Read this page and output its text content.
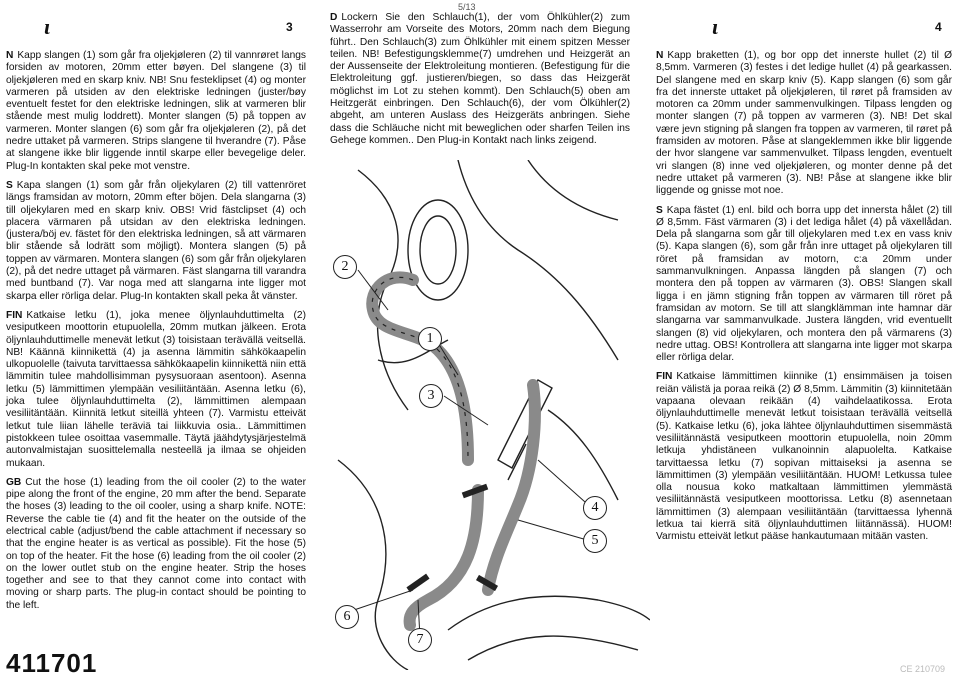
5/13
ι	3	ι	4

N Kapp slangen (1) som går fra oljekjøleren (2) til vannrøret langs forsiden av motoren, 20mm etter bøyen. Del slangene (3) til oljekjøleren med en skarp kniv. NB! Snu festeklipset (4) og monter varmeren på utsiden av den elektriske ledningen (juster/bøy eventuelt festet for den elektriske ledningen, slik at varmeren blir stående mest mulig loddrett). Monter slangen (5) på toppen av varmeren. Monter slangen (6) som går fra oljekjøleren (2), på det nedre uttaket på varmeren. Strips slangene til hverandre (7). Påse at slangene ikke blir liggende inntil skarpe eller bevegelige deler. Plug-In kontakten skal peke mot venstre.

S Kapa slangen (1) som går från oljekylaren (2) till vattenröret längs framsidan av motorn, 20mm efter böjen. Dela slangarna (3) till oljekylaren med en skarp kniv. OBS! Vrid fästclipset (4) och placera värmaren på utsidan av den elektriska ledningen. (justera/böj ev. fästet för den elektriska ledningen, så att värmaren blir stående så lodrätt som möjligt). Montera slangen (5) på toppen av värmaren. Montera slangen (6) som går från oljekylaren (2), på det nedre uttaget på värmaren. Fäst slangarna till varandra med buntband (7). Var noga med att slangarna inte ligger mot skarpa eller rörliga delar. Plug-In kontakten skall peka åt vänster.

FIN Katkaise letku (1), joka menee öljynlauhduttimelta (2) vesiputkeen moottorin etupuolella, 20mm mutkan jälkeen. Erota öljynlauhduttimelle menevät letkut (3) toisistaan terävällä veitsellä. NB! Käännä kiinnikettä (4) ja asenna lämmitin sähkökaapelin ulkopuolelle (taivuta tarvittaessa sähkökaapelin kiinnikettä niin että lämmitin tulee mahdollisimman pysysuoraan asentoon). Asenna letku (5) lämmittimen ylempään vesiliitäntään. Asenna letku (6), joka tulee öljynlauhduttimelta (2), lämmittimen alempaan vesiliitäntään. Kiinnitä letkut siteillä yhteen (7). Varmistu etteivät letkut tule liian lähelle teräviä tai liikkuvia osia.. Lämmittimen pistokkeen tulee osoittaa vasemmalle. Täytä jäähdytysjärjestelmä autonvalmistajan suosittelemalla nesteellä ja ilmaa se ohjeiden mukaan.

GB Cut the hose (1) leading from the oil cooler (2) to the water pipe along the front of the engine, 20 mm after the bend. Separate the hoses (3) leading to the oil cooler, using a sharp knife. NOTE: Reverse the cable tie (4) and fit the heater on the outside of the electrical cable (adjust/bend the cable attachment if necessary so that the engine heater is as vertical as possible). Fit the hose (5) on top of the heater. Fit the hose (6) leading from the oil cooler (2) on the lower outlet stub on the engine heater. Strip the hoses together and see to that they cannot come into contact with moving or sharp parts. The plug-in contact should be pointing to the left.

D Lockern Sie den Schlauch(1), der vom Öhlkühler(2) zum Wasserrohr am Vorseite des Motors, 20mm nach dem Biegung führt.. Den Schlauch(3) zum Öhlkühler mit einem spitzen Messer teilen. NB! Befestigungsklemme(7) umdrehen und Heizgerät an der Aussenseite der Elektroleitung montieren. (Befestigung für die Elektroleitung ggf. justieren/biegen, so dass das Heizgerät möglichst im Lot zu stehen kommt). Den Schlauch(5) oben am Heitzgerät einbringen. Den Schlauch(6), der vom Ölkühler(2) abgeht, am unteren Auslass des Heizgeräts anbringen. Siehe dass die Schläuche nicht mit beweglichen oder sharfen Teilen ins Gehege kommen.. Den Plug-in Kontakt nach links zeigend.

2
1
3
4
5
6
7

N Kapp braketten (1), og bor opp det innerste hullet (2) til Ø 8,5mm. Varmeren (3) festes i det ledige hullet (4) på gearkassen. Del slangene med en skarp kniv (5). Kapp slangen (6) som går fra det innerste uttaket på oljekjøleren, til røret på framsiden av motoren ca 20mm under sammenvulkingen. Tilpass lengden og monter slangen (7) på toppen av varmeren (3). NB! Det skal være jevn stigning på slangen fra toppen av varmeren, til røret på framsiden av motoren. Påse at slangeklemmen ikke blir liggende der hvor slangene var sammenvulket. Tilpass lengden, eventuelt vri slangen (8) inne ved oljekjøleren, og monter denne på det nedre uttaket på varmeren (3). NB! Påse at slangene ikke blir liggende og gnisse mot noe.

S Kapa fästet (1) enl. bild och borra upp det innersta hålet (2) till Ø 8,5mm. Fäst värmaren (3) i det lediga hålet (4) på växellådan. Dela på slangarna som går till oljekylaren med t.ex en vass kniv (5). Kapa slangen (6), som går från inre uttaget på oljekylaren till röret på framsidan av motorn, c:a 20mm under sammanvulkningen. Anpassa längden på slangen (7) och montera den på toppen av värmaren (3). OBS! Slangen skall ligga i en jämn stigning från toppen av värmaren till röret på framsidan av motorn. Se till att slangklämman inte hamnar där slangarna var sammanvulkade. Justera längden, vrid eventuellt slangen (8) vid oljekylaren, och montera den på värmarens (3) nedre uttag. OBS! Kontrollera att slangarna inte ligger mot skarpa eller rörliga delar.

FIN Katkaise lämmittimen kiinnike (1) ensimmäisen ja toisen reiän välistä ja poraa reikä (2) Ø 8,5mm. Lämmitin (3) kiinnitetään vapaana olevaan reikään (4) vaihdelaatikossa. Erota öljynlauhduttimelle menevät letkut toisistaan terävällä veitsellä (5). Katkaise letku (6), joka lähtee öljynlauhduttimen sisemmästä vesiliitännästä vesiputkeen moottorin etupuolella, noin 20mm letkuja yhdistäneen vulkanoinnin alapuolelta. Katkaise tarvittaessa letku (7) sopivan mittaiseksi ja asenna se lämmittimen (3) ylempään vesiliitäntään. HUOM! Letkussa tulee olla nousua koko matkaltaan lämmittimen ylemmästä vesiliitännästä vesiputkeen moottorissa. Letku (8) asennetaan lämmittimen (3) alempaan vesiliitäntään (tarvittaessa lyhennä letkua tai kierrä sitä öljynlauhduttimen liitännässä). HUOM! Varmistu etteivät letkut pääse hankautumaan mitään vasten.

411701	CE 210709
